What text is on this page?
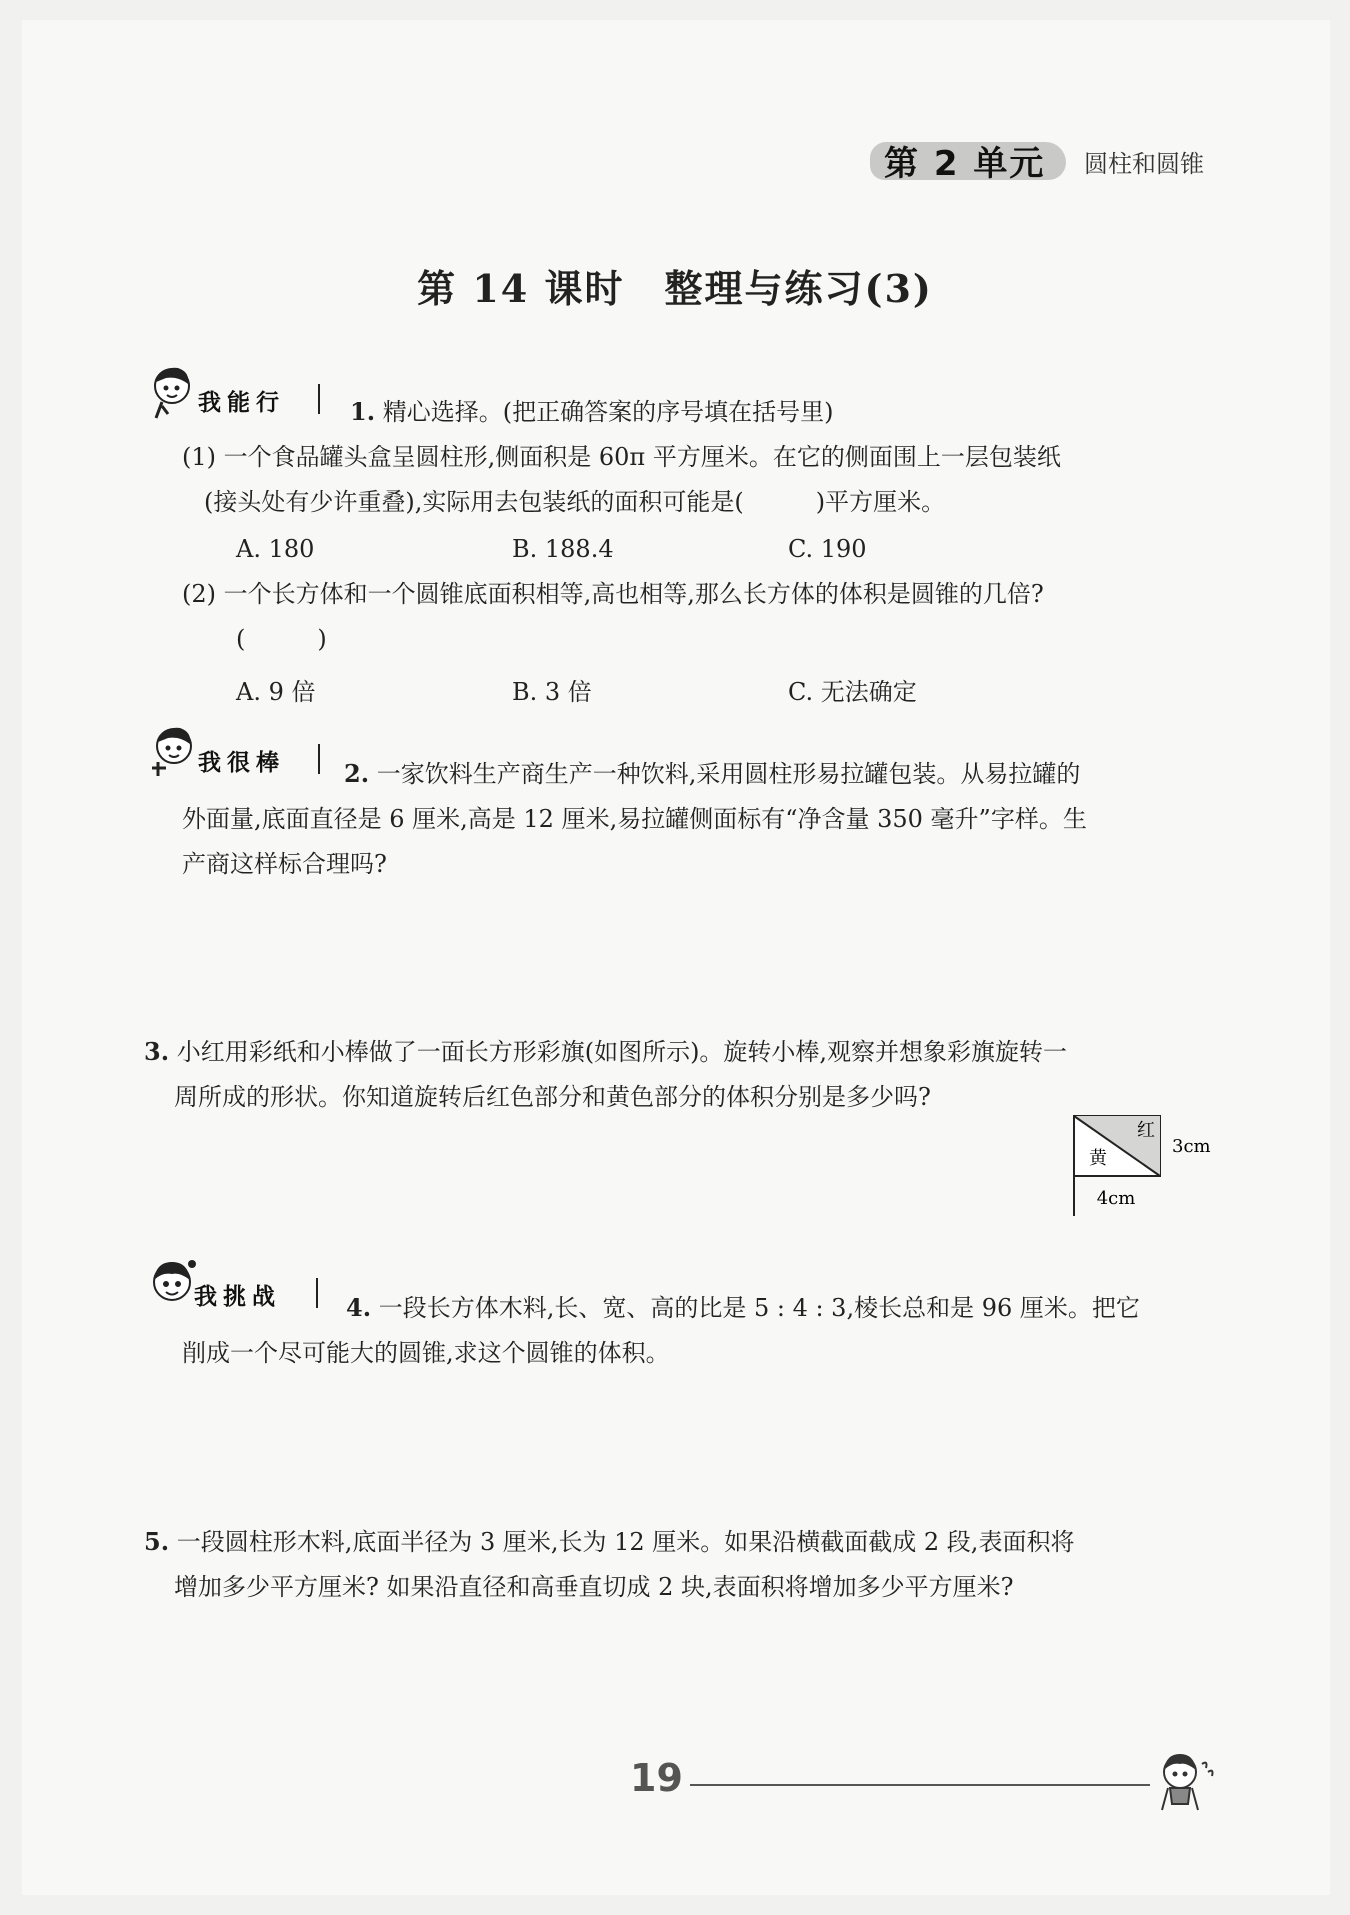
第 2 单元	圆柱和圆锥
第 14 课时　整理与练习(3)
我能行	1. 精心选择。(把正确答案的序号填在括号里)
(1) 一个食品罐头盒呈圆柱形,侧面积是 60π 平方厘米。在它的侧面围上一层包装纸
(接头处有少许重叠),实际用去包装纸的面积可能是(　　　)平方厘米。
A. 180	B. 188.4	C. 190
(2) 一个长方体和一个圆锥底面积相等,高也相等,那么长方体的体积是圆锥的几倍?
(　　　)
A. 9 倍	B. 3 倍	C. 无法确定
我很棒 2. 一家饮料生产商生产一种饮料,采用圆柱形易拉罐包装。从易拉罐的
外面量,底面直径是 6 厘米,高是 12 厘米,易拉罐侧面标有“净含量 350 毫升”字样。生
产商这样标合理吗?
3. 小红用彩纸和小棒做了一面长方形彩旗(如图所示)。旋转小棒,观察并想象彩旗旋转一
周所成的形状。你知道旋转后红色部分和黄色部分的体积分别是多少吗?
红
黄
3cm
4cm
我挑战	4. 一段长方体木料,长、宽、高的比是 5 : 4 : 3,棱长总和是 96 厘米。把它
削成一个尽可能大的圆锥,求这个圆锥的体积。
5. 一段圆柱形木料,底面半径为 3 厘米,长为 12 厘米。如果沿横截面截成 2 段,表面积将
增加多少平方厘米? 如果沿直径和高垂直切成 2 块,表面积将增加多少平方厘米?
19
